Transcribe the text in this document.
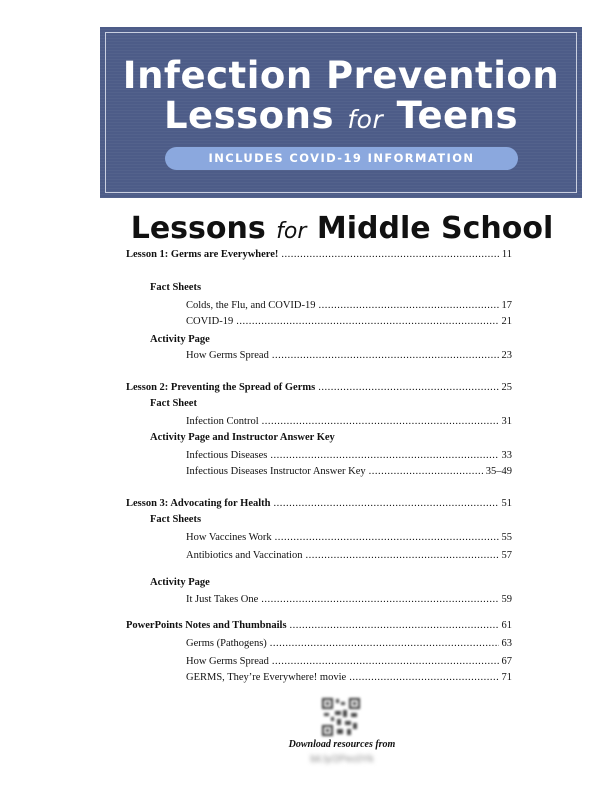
Infection Prevention
Lessons for Teens
INCLUDES COVID-19 INFORMATION
Lessons for Middle School
Lesson 1: Germs are Everywhere! .....	11
Fact Sheets
Colds, the Flu, and COVID-19 .....	17
COVID-19 .....	21
Activity Page
How Germs Spread .....	23
Lesson 2: Preventing the Spread of Germs .....	25
Fact Sheet
Infection Control .....	31
Activity Page and Instructor Answer Key
Infectious Diseases .....	33
Infectious Diseases Instructor Answer Key .....	35–49
Lesson 3: Advocating for Health .....	51
Fact Sheets
How Vaccines Work .....	55
Antibiotics and Vaccination .....	57
Activity Page
It Just Takes One .....	59
PowerPoints Notes and Thumbnails .....	61
Germs (Pathogens) .....	63
How Germs Spread .....	67
GERMS, They’re Everywhere! movie .....	71
Download resources from
bit.ly/2Pec0Yk
